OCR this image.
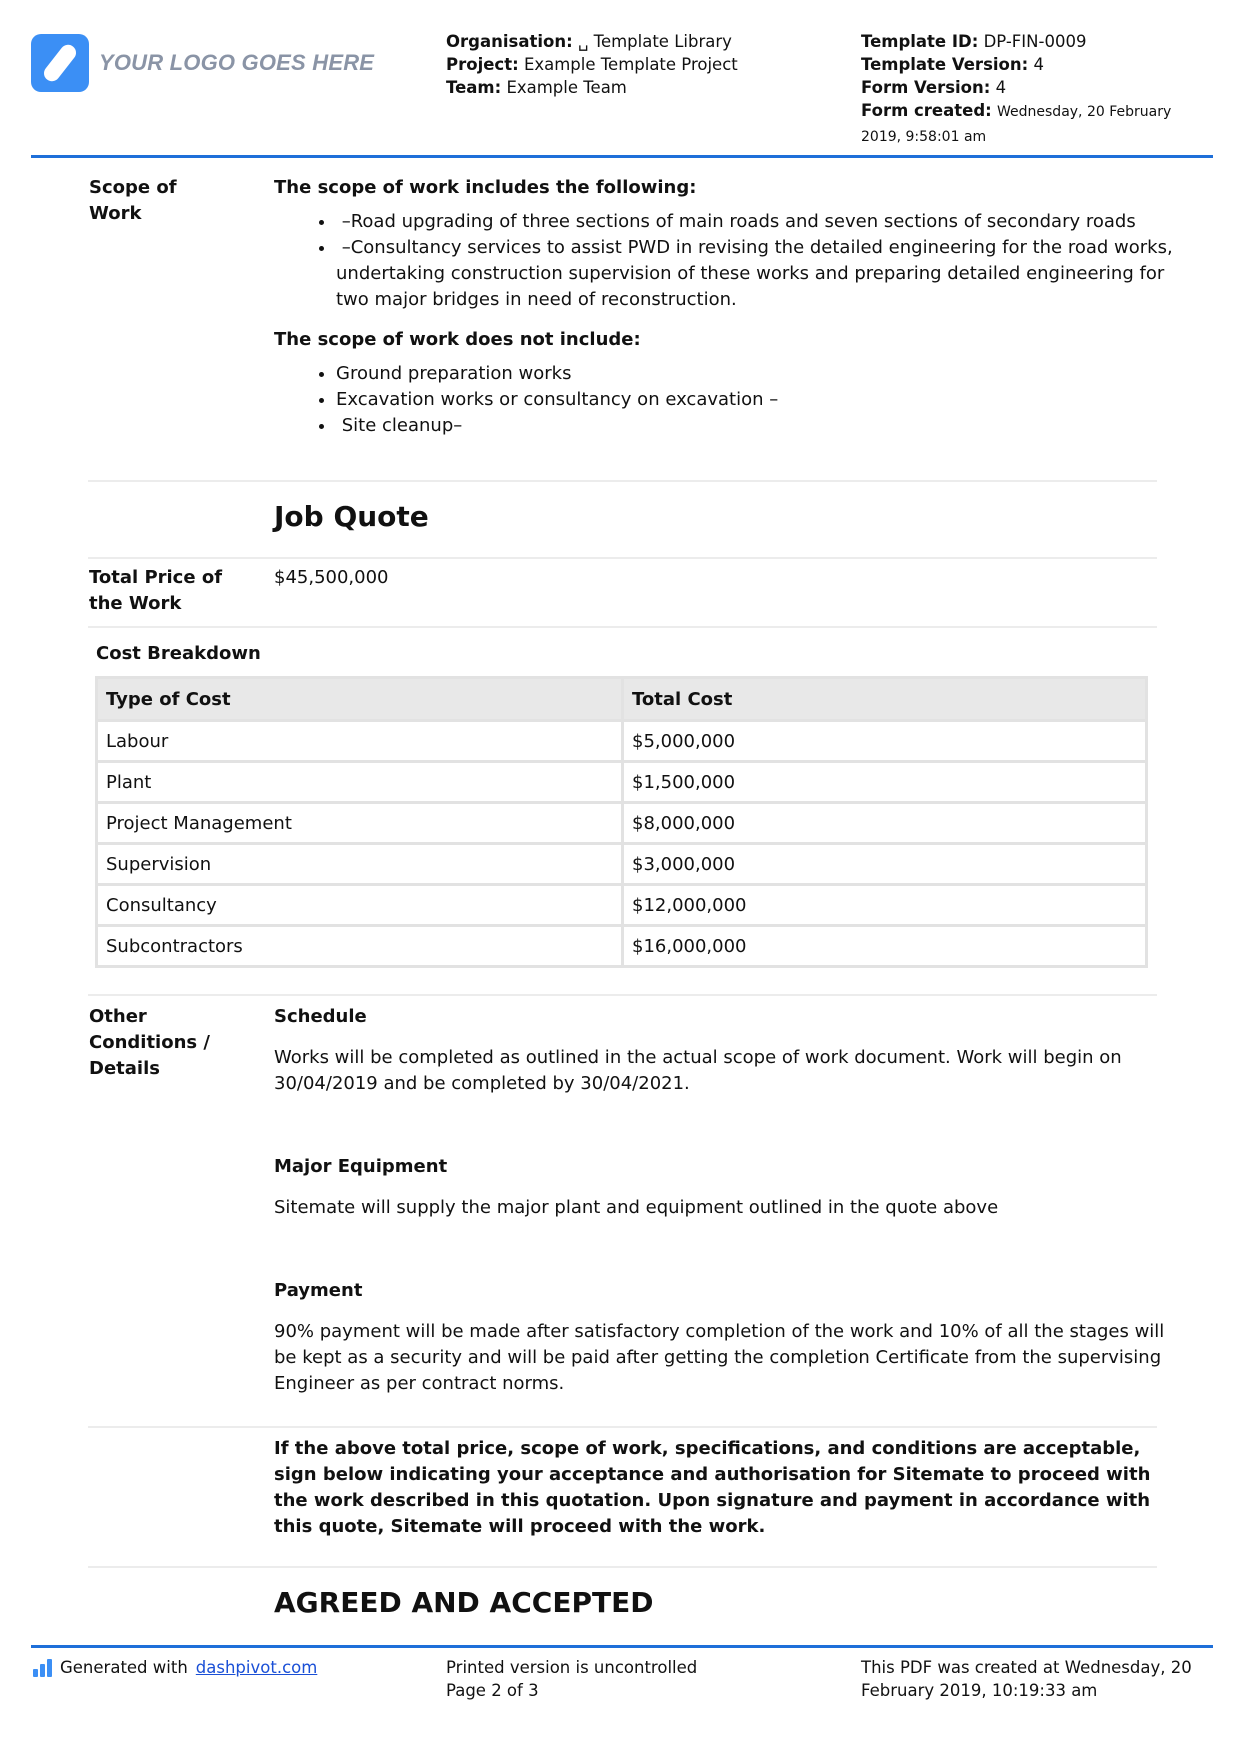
YOUR LOGO GOES HERE
Organisation: ␣ Template Library
Project: Example Template Project
Team: Example Team
Template ID: DP-FIN-0009
Template Version: 4
Form Version: 4
Form created: Wednesday, 20 February 2019, 9:58:01 am
Scope of Work
The scope of work includes the following:
•  –Road upgrading of three sections of main roads and seven sections of secondary roads
•  –Consultancy services to assist PWD in revising the detailed engineering for the road works, undertaking construction supervision of these works and preparing detailed engineering for two major bridges in need of reconstruction.
The scope of work does not include:
• Ground preparation works
• Excavation works or consultancy on excavation –
•  Site cleanup–
Job Quote
Total Price of the Work
$45,500,000
Cost Breakdown
Type of Cost	Total Cost
Labour	$5,000,000
Plant	$1,500,000
Project Management	$8,000,000
Supervision	$3,000,000
Consultancy	$12,000,000
Subcontractors	$16,000,000
Other Conditions / Details
Schedule
Works will be completed as outlined in the actual scope of work document. Work will begin on 30/04/2019 and be completed by 30/04/2021.
Major Equipment
Sitemate will supply the major plant and equipment outlined in the quote above
Payment
90% payment will be made after satisfactory completion of the work and 10% of all the stages will be kept as a security and will be paid after getting the completion Certificate from the supervising Engineer as per contract norms.
If the above total price, scope of work, specifications, and conditions are acceptable, sign below indicating your acceptance and authorisation for Sitemate to proceed with the work described in this quotation. Upon signature and payment in accordance with this quote, Sitemate will proceed with the work.
AGREED AND ACCEPTED
Generated with dashpivot.com	Printed version is uncontrolled
Page 2 of 3
This PDF was created at Wednesday, 20 February 2019, 10:19:33 am
